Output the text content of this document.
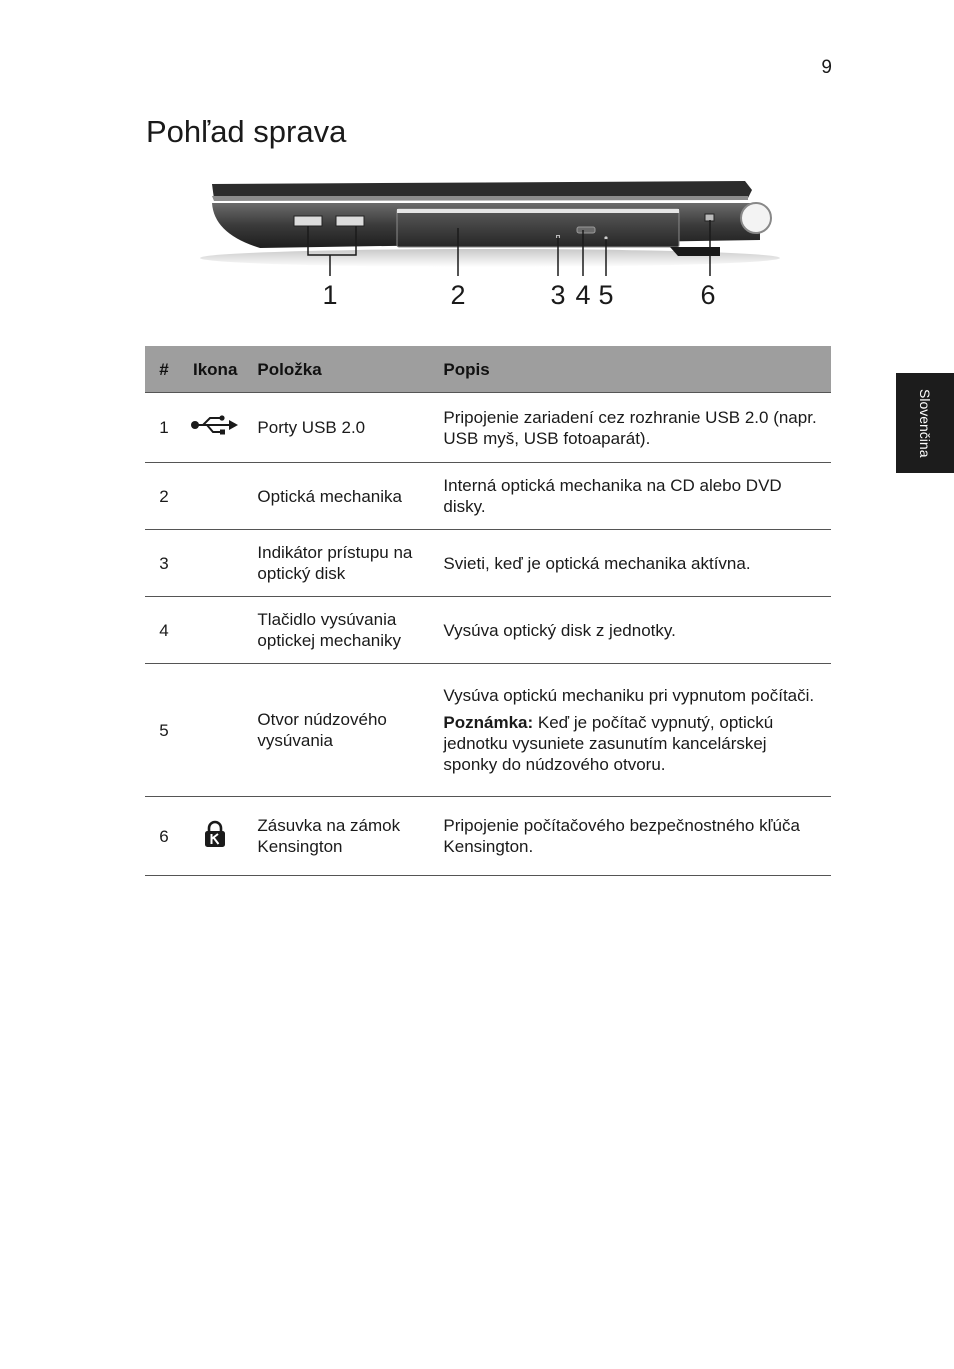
9
Pohľad sprava
Slovenčina
1	2	3 4 5	6
#	Ikona	Položka	Popis
1		Porty USB 2.0	Pripojenie zariadení cez rozhranie USB 2.0 (napr. USB myš, USB fotoaparát).

2		Optická mechanika	Interná optická mechanika na CD alebo DVD disky.

3		Indikátor prístupu na optický disk	Svieti, keď je optická mechanika aktívna.

4		Tlačidlo vysúvania optickej mechaniky	Vysúva optický disk z jednotky.

5		Otvor núdzového vysúvania	Vysúva optickú mechaniku pri vypnutom počítači.

Poznámka: Keď je počítač vypnutý, optickú jednotku vysuniete zasunutím kancelárskej sponky do núdzového otvoru.

6		Zásuvka na zámok Kensington	Pripojenie počítačového bezpečnostného kľúča Kensington.
